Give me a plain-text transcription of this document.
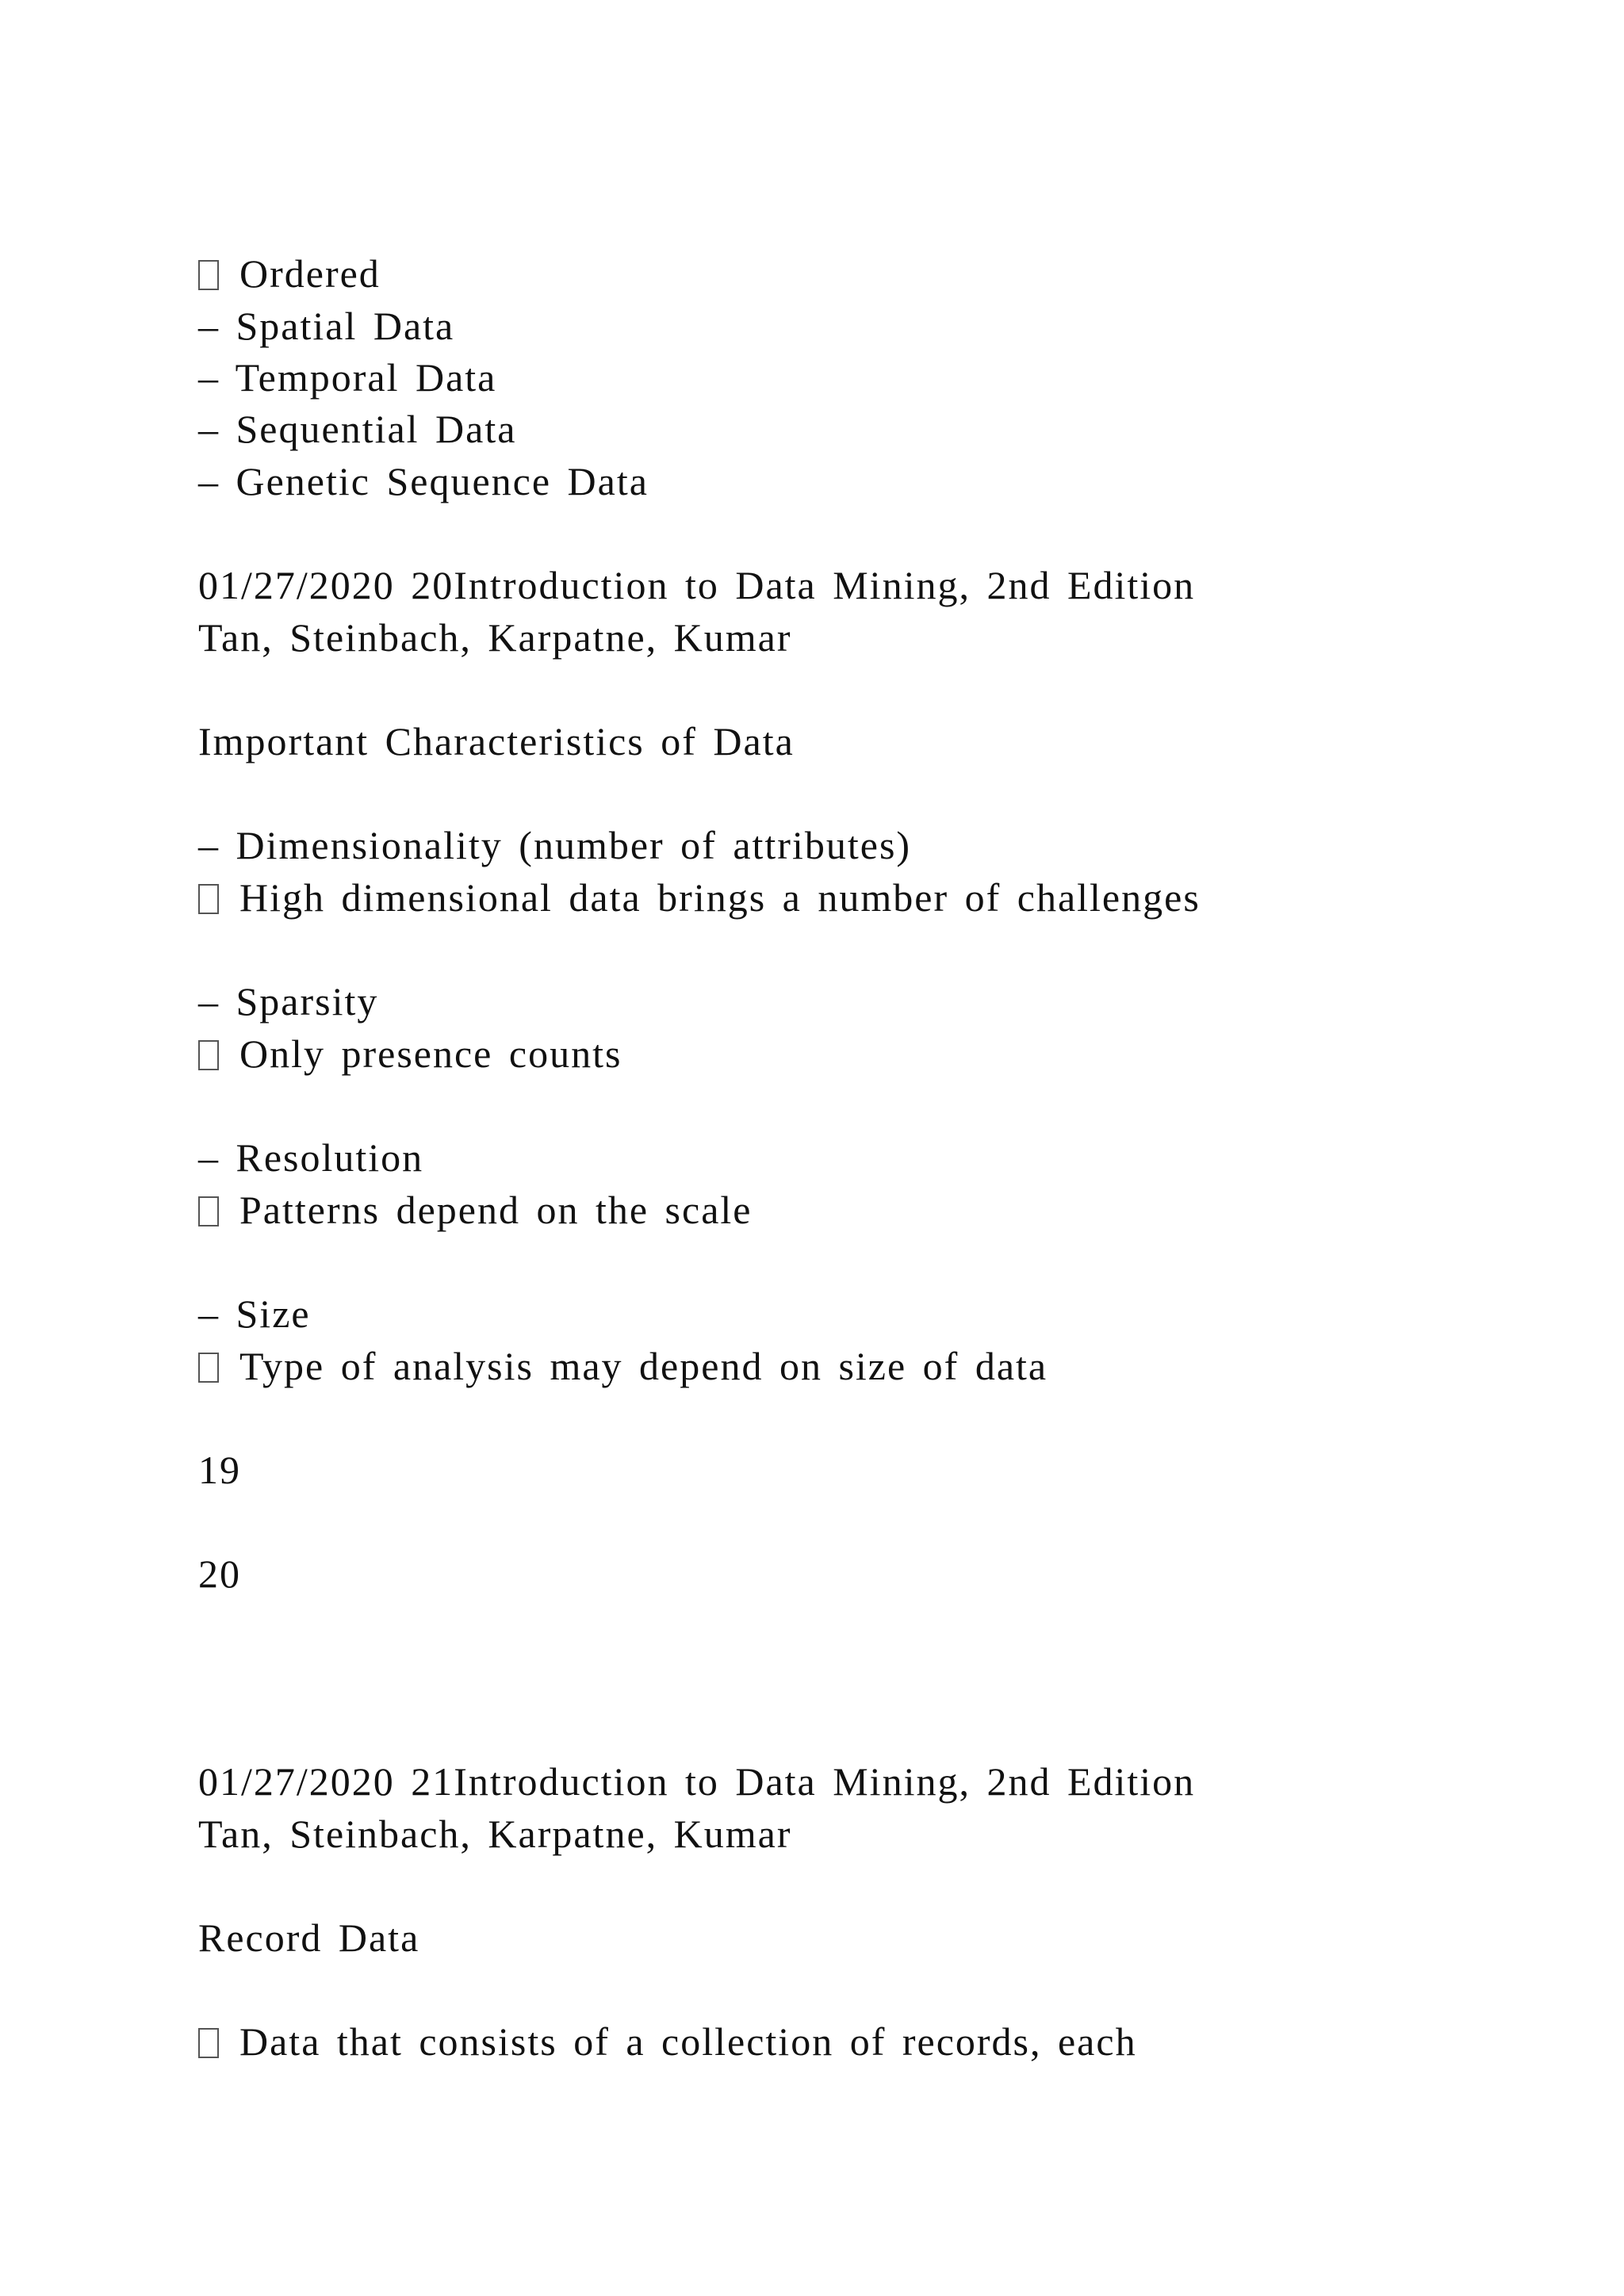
Ordered
– Spatial Data
– Temporal Data
– Sequential Data
– Genetic Sequence Data
01/27/2020 20Introduction to Data Mining, 2nd Edition
Tan, Steinbach, Karpatne, Kumar
Important Characteristics of Data
– Dimensionality (number of attributes)
High dimensional data brings a number of challenges
– Sparsity
Only presence counts
– Resolution
Patterns depend on the scale
– Size
Type of analysis may depend on size of data
19
20
01/27/2020 21Introduction to Data Mining, 2nd Edition
Tan, Steinbach, Karpatne, Kumar
Record Data
Data that consists of a collection of records, each
